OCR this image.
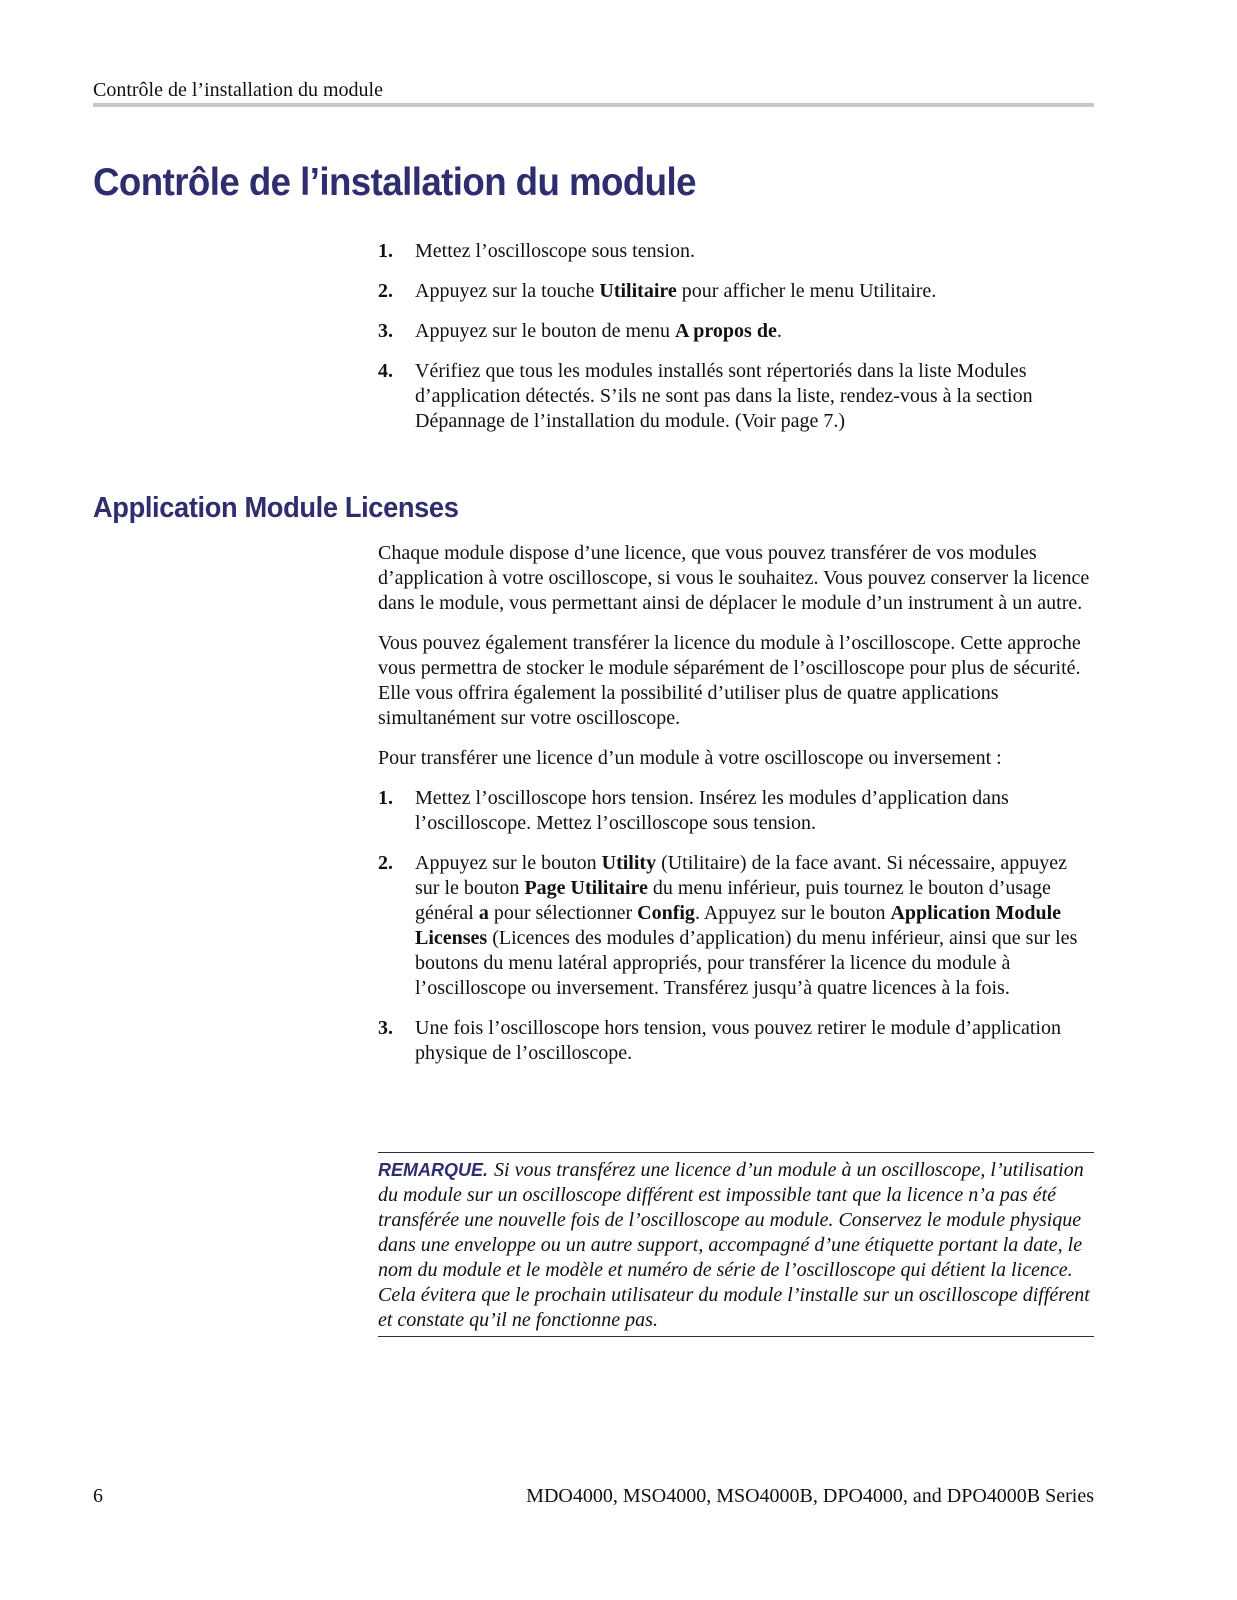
Contrôle de l’installation du module
Contrôle de l’installation du module
1. Mettez l’oscilloscope sous tension.
2. Appuyez sur la touche Utilitaire pour afficher le menu Utilitaire.
3. Appuyez sur le bouton de menu A propos de.
4. Vérifiez que tous les modules installés sont répertoriés dans la liste Modules d’application détectés. S’ils ne sont pas dans la liste, rendez-vous à la section Dépannage de l’installation du module. (Voir page 7.)
Application Module Licenses

Chaque module dispose d’une licence, que vous pouvez transférer de vos modules d’application à votre oscilloscope, si vous le souhaitez. Vous pouvez conserver la licence dans le module, vous permettant ainsi de déplacer le module d’un instrument à un autre.

Vous pouvez également transférer la licence du module à l’oscilloscope. Cette approche vous permettra de stocker le module séparément de l’oscilloscope pour plus de sécurité. Elle vous offrira également la possibilité d’utiliser plus de quatre applications simultanément sur votre oscilloscope.

Pour transférer une licence d’un module à votre oscilloscope ou inversement :

1. Mettez l’oscilloscope hors tension. Insérez les modules d’application dans l’oscilloscope. Mettez l’oscilloscope sous tension.
2. Appuyez sur le bouton Utility (Utilitaire) de la face avant. Si nécessaire, appuyez sur le bouton Page Utilitaire du menu inférieur, puis tournez le bouton d’usage général a pour sélectionner Config. Appuyez sur le bouton Application Module Licenses (Licences des modules d’application) du menu inférieur, ainsi que sur les boutons du menu latéral appropriés, pour transférer la licence du module à l’oscilloscope ou inversement. Transférez jusqu’à quatre licences à la fois.
3. Une fois l’oscilloscope hors tension, vous pouvez retirer le module d’application physique de l’oscilloscope.
REMARQUE. Si vous transférez une licence d’un module à un oscilloscope, l’utilisation du module sur un oscilloscope différent est impossible tant que la licence n’a pas été transférée une nouvelle fois de l’oscilloscope au module. Conservez le module physique dans une enveloppe ou un autre support, accompagné d’une étiquette portant la date, le nom du module et le modèle et numéro de série de l’oscilloscope qui détient la licence. Cela évitera que le prochain utilisateur du module l’installe sur un oscilloscope différent et constate qu’il ne fonctionne pas.
6	MDO4000, MSO4000, MSO4000B, DPO4000, and DPO4000B Series
